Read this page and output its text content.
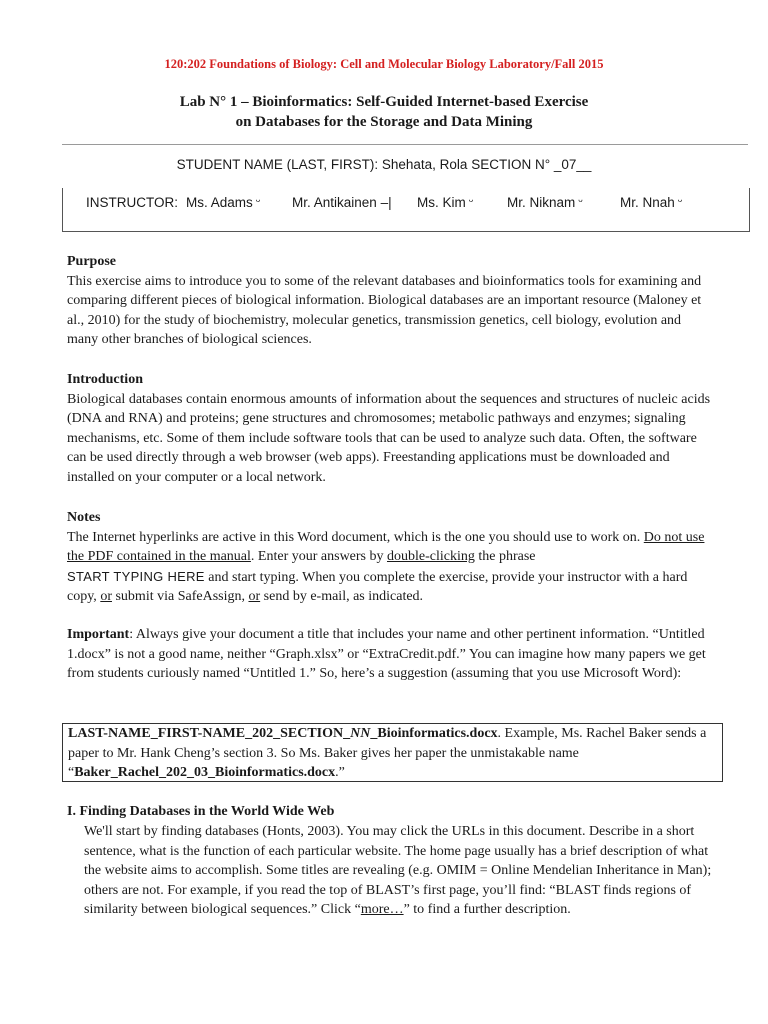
120:202 Foundations of Biology: Cell and Molecular Biology Laboratory/Fall 2015
Lab N° 1 – Bioinformatics: Self-Guided Internet-based Exercise
on Databases for the Storage and Data Mining
STUDENT NAME (LAST, FIRST): Shehata, Rola SECTION N° _07__
INSTRUCTOR: Ms. Adams $^ᴗ$ Mr. Antikainen –| Ms. Kim $^ᴗ$	Mr. Niknam $^ᴗ$	Mr. Nnah $^ᴗ$

Purpose

This exercise aims to introduce you to some of the relevant databases and bioinformatics tools for examining and comparing different pieces of biological information. Biological databases are an important resource (Maloney et al., 2010) for the study of biochemistry, molecular genetics, transmission genetics, cell biology, evolution and many other branches of biological sciences.

Introduction

Biological databases contain enormous amounts of information about the sequences and structures of nucleic acids (DNA and RNA) and proteins; gene structures and chromosomes; metabolic pathways and enzymes; signaling mechanisms, etc. Some of them include software tools that can be used to analyze such data. Often, the software can be used directly through a web browser (web apps). Freestanding applications must be downloaded and installed on your computer or a local network.

Notes

The Internet hyperlinks are active in this Word document, which is the one you should use to work on. Do not use the PDF contained in the manual. Enter your answers by double-clicking the phrase
START TYPING HERE and start typing. When you complete the exercise, provide your instructor with a hard copy, or submit via SafeAssign, or send by e-mail, as indicated.

Important: Always give your document a title that includes your name and other pertinent information. “Untitled 1.docx” is not a good name, neither “Graph.xlsx” or “ExtraCredit.pdf.” You can imagine how many papers we get from students curiously named “Untitled 1.” So, here’s a suggestion (assuming that you use Microsoft Word):

LAST-NAME_FIRST-NAME_202_SECTION_NN_Bioinformatics.docx. Example, Ms. Rachel Baker sends a paper to Mr. Hank Cheng’s section 3. So Ms. Baker gives her paper the unmistakable name “Baker_Rachel_202_03_Bioinformatics.docx.”
I. Finding Databases in the World Wide Web
We'll start by finding databases (Honts, 2003). You may click the URLs in this document. Describe in a short sentence, what is the function of each particular website. The home page usually has a brief description of what the website aims to accomplish. Some titles are revealing (e.g. OMIM = Online Mendelian Inheritance in Man); others are not. For example, if you read the top of BLAST’s first page, you’ll find: “BLAST finds regions of similarity between biological sequences.” Click “more…” to find a further description.
